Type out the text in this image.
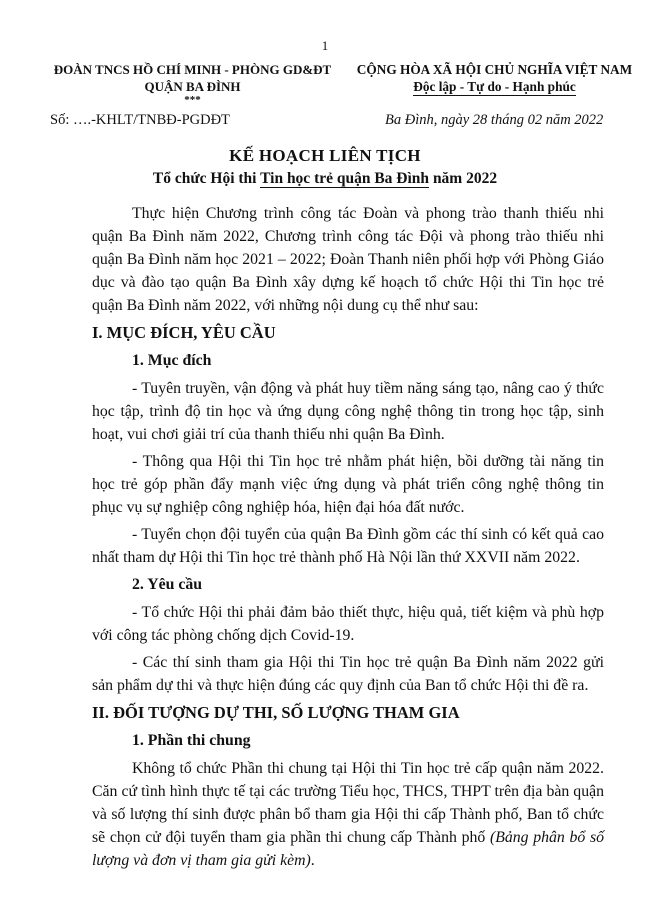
1
ĐOÀN TNCS HỒ CHÍ MINH - PHÒNG GD&ĐT
QUẬN BA ĐÌNH
***
CỘNG HÒA XÃ HỘI CHỦ NGHĨA VIỆT NAM
Độc lập - Tự do - Hạnh phúc
Số: ….-KHLT/TNBĐ-PGDĐT	Ba Đình, ngày 28 tháng 02 năm 2022
KẾ HOẠCH LIÊN TỊCH
Tổ chức Hội thi Tin học trẻ quận Ba Đình năm 2022

Thực hiện Chương trình công tác Đoàn và phong trào thanh thiếu nhi quận Ba Đình năm 2022, Chương trình công tác Đội và phong trào thiếu nhi quận Ba Đình năm học 2021 – 2022; Đoàn Thanh niên phối hợp với Phòng Giáo dục và đào tạo quận Ba Đình xây dựng kế hoạch tổ chức Hội thi Tin học trẻ quận Ba Đình năm 2022, với những nội dung cụ thể như sau:

I. MỤC ĐÍCH, YÊU CẦU
1. Mục đích

- Tuyên truyền, vận động và phát huy tiềm năng sáng tạo, nâng cao ý thức học tập, trình độ tin học và ứng dụng công nghệ thông tin trong học tập, sinh hoạt, vui chơi giải trí của thanh thiếu nhi quận Ba Đình.

- Thông qua Hội thi Tin học trẻ nhằm phát hiện, bồi dưỡng tài năng tin học trẻ góp phần đẩy mạnh việc ứng dụng và phát triển công nghệ thông tin phục vụ sự nghiệp công nghiệp hóa, hiện đại hóa đất nước.

- Tuyển chọn đội tuyển của quận Ba Đình gồm các thí sinh có kết quả cao nhất tham dự Hội thi Tin học trẻ thành phố Hà Nội lần thứ XXVII năm 2022.

2. Yêu cầu

- Tổ chức Hội thi phải đảm bảo thiết thực, hiệu quả, tiết kiệm và phù hợp với công tác phòng chống dịch Covid-19.

- Các thí sinh tham gia Hội thi Tin học trẻ quận Ba Đình năm 2022 gửi sản phẩm dự thi và thực hiện đúng các quy định của Ban tổ chức Hội thi đề ra.

II. ĐỐI TƯỢNG DỰ THI, SỐ LƯỢNG THAM GIA
1. Phần thi chung

Không tổ chức Phần thi chung tại Hội thi Tin học trẻ cấp quận năm 2022. Căn cứ tình hình thực tế tại các trường Tiểu học, THCS, THPT trên địa bàn quận và số lượng thí sinh được phân bổ tham gia Hội thi cấp Thành phố, Ban tổ chức sẽ chọn cử đội tuyển tham gia phần thi chung cấp Thành phố (Bảng phân bổ số lượng và đơn vị tham gia gửi kèm).
